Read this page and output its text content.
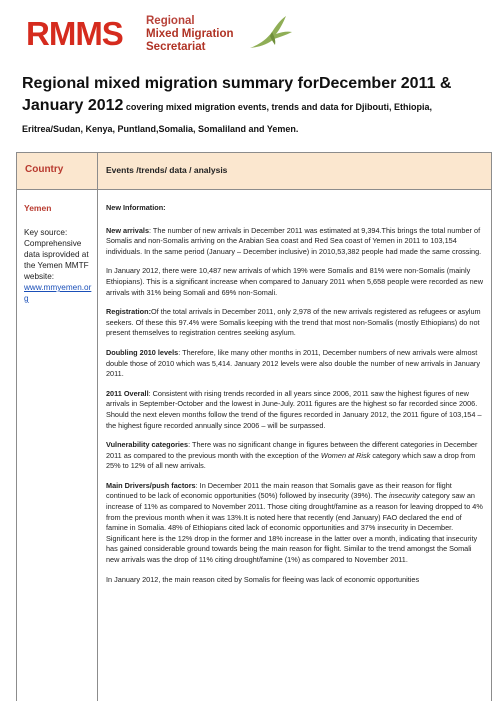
RMMS Regional
Mixed Migration
Secretariat
Regional mixed migration summary forDecember 2011 &
January 2012 covering mixed migration events, trends and data for Djibouti, Ethiopia,
Eritrea/Sudan, Kenya, Puntland,Somalia, Somaliland and Yemen.
Country	Events /trends/ data / analysis
Yemen
Key source: Comprehensive data isprovided at the Yemen MMTF website:
www.mmyemen.org
New Information:

New arrivals: The number of new arrivals in December 2011 was estimated at 9,394.This brings the total number of Somalis and non-Somalis arriving on the Arabian Sea coast and Red Sea coast of Yemen in 2011 to 103,154 individuals. In the same period (January – December inclusive) in 2010,53,382 people had made the same crossing.

In January 2012, there were 10,487 new arrivals of which 19% were Somalis and 81% were non-Somalis (mainly Ethiopians). This is a significant increase when compared to January 2011 when 5,658 people were recorded as new arrivals with 31% being Somali and 69% non-Somali.

Registration:Of the total arrivals in December 2011, only 2,978 of the new arrivals registered as refugees or asylum seekers. Of these this 97.4% were Somalis keeping with the trend that most non-Somalis (mostly Ethiopians) do not present themselves to registration centres seeking asylum.

Doubling 2010 levels: Therefore, like many other months in 2011, December numbers of new arrivals were almost double those of 2010 which was 5,414. January 2012 levels were also double the number of new arrivals in January 2011.

2011 Overall: Consistent with rising trends recorded in all years since 2006, 2011 saw the highest figures of new arrivals in September-October and the lowest in June-July. 2011 figures are the highest so far recorded since 2006. Should the next eleven months follow the trend of the figures recorded in January 2012, the 2011 figure of 103,154 – the highest figure recorded annually since 2006 – will be surpassed.

Vulnerability categories: There was no significant change in figures between the different categories in December 2011 as compared to the previous month with the exception of the Women at Risk category which saw a drop from 25% to 12% of all new arrivals.

Main Drivers/push factors: In December 2011 the main reason that Somalis gave as their reason for flight continued to be lack of economic opportunities (50%) followed by insecurity (39%). The insecurity category saw an increase of 11% as compared to November 2011. Those citing drought/famine as a reason for leaving dropped to 4% from the previous month when it was 13%.It is noted here that recently (end January) FAO declared the end of famine in Somalia. 48% of Ethiopians cited lack of economic opportunities and 37% insecurity in December. Significant here is the 12% drop in the former and 18% increase in the latter over a month, indicating that insecurity has gained considerable ground towards being the main reason for flight. Similar to the trend amongst the Somali new arrivals was the drop of 11% citing drought/famine (1%) as compared to November 2011.

In January 2012, the main reason cited by Somalis for fleeing was lack of economic opportunities
